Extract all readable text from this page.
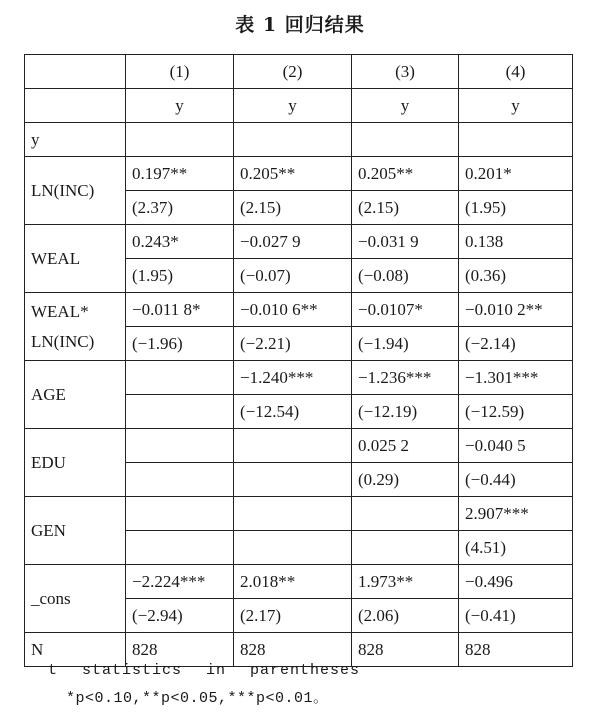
表 1 回归结果
	(1)	(2)	(3)	(4)
	y	y	y	y
y				
LN(INC)	0.197**	0.205**	0.205**	0.201*
	(2.37)	(2.15)	(2.15)	(1.95)
WEAL	0.243*	−0.027 9	−0.031 9	0.138
	(1.95)	(−0.07)	(−0.08)	(0.36)

WEAL*
LN(INC)	−0.011 8*	−0.010 6**	−0.0107*	−0.010 2**
	(−1.96)	(−2.21)	(−1.94)	(−2.14)
AGE		−1.240***	−1.236***	−1.301***
		(−12.54)	(−12.19)	(−12.59)
EDU			0.025 2	−0.040 5
			(0.29)	(−0.44)
GEN				2.907***
				(4.51)
_cons	−2.224***	2.018**	1.973**	−0.496
	(−2.94)	(2.17)	(2.06)	(−0.41)
N	828	828	828	828
t statistics in parentheses
*p<0.10,**p<0.05,***p<0.01。
